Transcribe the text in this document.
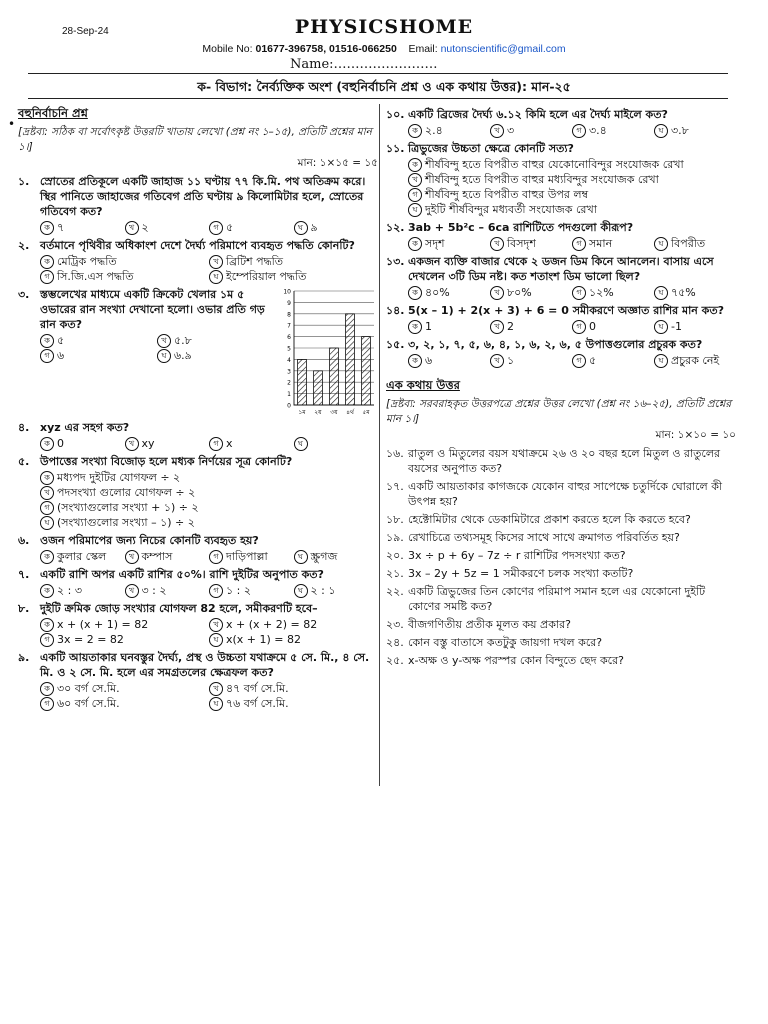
28-Sep-24	PHYSICSHOME
Mobile No: 01677-396758, 01516-066250 Email: nutonscientific@gmail.com
Name:……………………
ক- বিভাগ: নৈর্ব্যক্তিক অংশ (বহুনির্বাচনি প্রশ্ন ও এক কথায় উত্তর): মান-২৫
•
বহুনির্বাচনি প্রশ্ন
[দ্রষ্টব্য: সঠিক বা সর্বোৎকৃষ্ট উত্তরটি খাতায় লেখো (প্রশ্ন নং ১–১৫), প্রতিটি প্রশ্নের মান ১।]
মান: ১×১৫ = ১৫
১. স্রোতের প্রতিকূলে একটি জাহাজ ১১ ঘণ্টায় ৭৭ কি.মি. পথ অতিক্রম করে। স্থির পানিতে জাহাজের গতিবেগ প্রতি ঘণ্টায় ৯ কিলোমিটার হলে, স্রোতের গতিবেগ কত?
ক ৭	খ ২	গ ৫	ঘ ৯
২. বর্তমানে পৃথিবীর অধিকাংশ দেশে দৈর্ঘ্য পরিমাপে ব্যবহৃত পদ্ধতি কোনটি?
ক মেট্রিক পদ্ধতি	খ ব্রিটিশ পদ্ধতি
গ সি.জি.এস পদ্ধতি	ঘ ইম্পেরিয়াল পদ্ধতি
৩. স্তম্ভলেখের মাধ্যমে একটি ক্রিকেট খেলার ১ম ৫ ওভারের রান সংখ্যা দেখানো হলো। ওভার প্রতি গড় রান কত?
ক ৫	খ ৫.৮
গ ৬	ঘ ৬.৯
0
1
2
3
4
5
6
7
8
9
10
১ম ২য় ৩য় ৪র্থ ৫ম
৪. xyz এর সহগ কত?
ক 0	খ xy	গ x	ঘ
৫. উপাত্তের সংখ্যা বিজোড় হলে মধ্যক নির্ণয়ের সূত্র কোনটি?
ক মধ্যপদ দুইটির যোগফল ÷ ২
খ পদসংখ্যা গুলোর যোগফল ÷ ২
গ (সংখ্যাগুলোর সংখ্যা + ১) ÷ ২
ঘ (সংখ্যাগুলোর সংখ্যা – ১) ÷ ২
৬. ওজন পরিমাপের জন্য নিচের কোনটি ব্যবহৃত হয়?
ক কুলার স্কেল	খ কম্পাস	গ দাড়িপাল্লা	ঘ স্ক্রুগজ
৭. একটি রাশি অপর একটি রাশির ৫০%। রাশি দুইটির অনুপাত কত?
ক ২ : ৩	খ ৩ : ২	গ ১ : ২	ঘ ২ : ১
৮. দুইটি ক্রমিক জোড় সংখ্যার যোগফল 82 হলে, সমীকরণটি হবে–
ক x + (x + 1) = 82	খ x + (x + 2) = 82
গ 3x = 2 = 82	ঘ x(x + 1) = 82
৯. একটি আয়তাকার ঘনবস্তুর দৈর্ঘ্য, প্রস্থ ও উচ্চতা যথাক্রমে ৫ সে. মি., ৪ সে. মি. ও ২ সে. মি. হলে এর সমগ্রতলের ক্ষেত্রফল কত?
ক ৩০ বর্গ সে.মি.	খ ৪৭ বর্গ সে.মি.
গ ৬০ বর্গ সে.মি.	ঘ ৭৬ বর্গ সে.মি.
১০. একটি ব্রিজের দৈর্ঘ্য ৬.১২ কিমি হলে এর দৈর্ঘ্য মাইলে কত?
ক ২.৪	খ ৩	গ ৩.৪	ঘ ৩.৮
১১. ত্রিভুজের উচ্চতা ক্ষেত্রে কোনটি সত্য?
ক শীর্ষবিন্দু হতে বিপরীত বাহুর যেকোনোবিন্দুর সংযোজক রেখা
খ শীর্ষবিন্দু হতে বিপরীত বাহুর মধ্যবিন্দুর সংযোজক রেখা
গ শীর্ষবিন্দু হতে বিপরীত বাহুর উপর লম্ব
ঘ দুইটি শীর্ষবিন্দুর মধ্যবর্তী সংযোজক রেখা
১২. 3ab + 5b²c – 6ca রাশিটিতে পদগুলো কীরূপ?
ক সদৃশ	খ বিসদৃশ	গ সমান	ঘ বিপরীত
১৩. একজন ব্যক্তি বাজার থেকে ২ ডজন ডিম কিনে আনলেন। বাসায় এসে দেখলেন ৩টি ডিম নষ্ট। কত শতাংশ ডিম ভালো ছিল?
ক ৪০%	খ ৮০%	গ ১২%	ঘ ৭৫%
১৪. 5(x – 1) + 2(x + 3) + 6 = 0 সমীকরণে অজ্ঞাত রাশির মান কত?
ক 1	খ 2	গ 0	ঘ -1
১৫. ৩, ২, ১, ৭, ৫, ৬, ৪, ১, ৬, ২, ৬, ৫ উপাত্তগুলোর প্রচুরক কত?
ক ৬	খ ১	গ ৫	ঘ প্রচুরক নেই
এক কথায় উত্তর
[দ্রষ্টব্য: সরবরাহকৃত উত্তরপত্রে প্রশ্নের উত্তর লেখো (প্রশ্ন নং ১৬–২৫), প্রতিটি প্রশ্নের মান ১।]
মান: ১×১০ = ১০
১৬. রাতুল ও মিতুলের বয়স যথাক্রমে ২৬ ও ২০ বছর হলে মিতুল ও রাতুলের বয়সের অনুপাত কত?
১৭. একটি আয়তাকার কাগজকে যেকোন বাহুর সাপেক্ষে চতুর্দিকে ঘোরালে কী উৎপন্ন হয়?
১৮. হেক্টোমিটার থেকে ডেকামিটারে প্রকাশ করতে হলে কি করতে হবে?
১৯. রেখাচিত্রে তথ্যসমূহ কিসের সাথে সাথে ক্রমাগত পরিবর্তিত হয়?
২০. 3x ÷ p + 6y – 7z ÷ r রাশিটির পদসংখ্যা কত?
২১. 3x – 2y + 5z = 1 সমীকরণে চলক সংখ্যা কতটি?
২২. একটি ত্রিভুজের তিন কোণের পরিমাপ সমান হলে এর যেকোনো দুইটি কোণের সমষ্টি কত?
২৩. বীজগণিতীয় প্রতীক মূলত কয় প্রকার?
২৪. কোন বস্তু বাতাসে কতটুকু জায়গা দখল করে?
২৫. x-অক্ষ ও y-অক্ষ পরস্পর কোন বিন্দুতে ছেদ করে?
